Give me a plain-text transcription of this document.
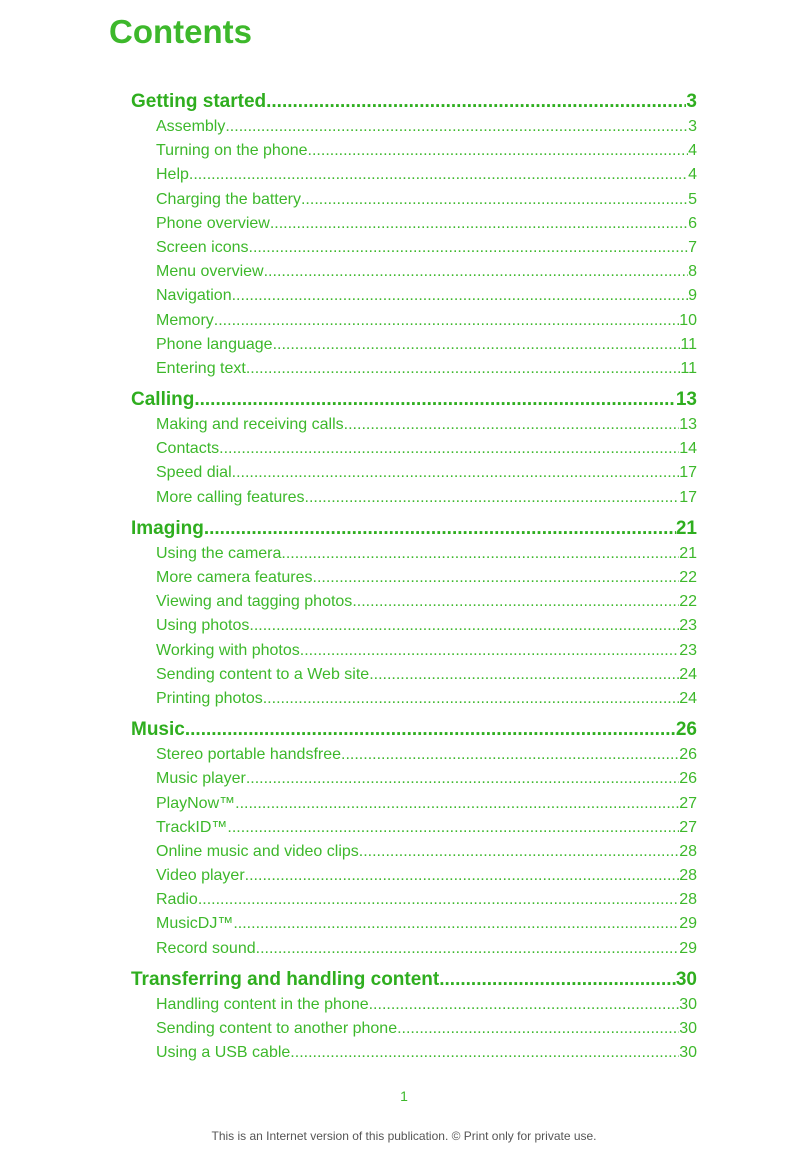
Contents
Getting started .....	3
Assembly .....	3
Turning on the phone .....	4
Help .....	4
Charging the battery .....	5
Phone overview .....	6
Screen icons .....	7
Menu overview .....	8
Navigation .....	9
Memory .....	10
Phone language .....	11
Entering text .....	11
Calling .....	13
Making and receiving calls .....	13
Contacts .....	14
Speed dial .....	17
More calling features .....	17
Imaging .....	21
Using the camera .....	21
More camera features .....	22
Viewing and tagging photos .....	22
Using photos .....	23
Working with photos .....	23
Sending content to a Web site .....	24
Printing photos .....	24
Music .....	26
Stereo portable handsfree .....	26
Music player .....	26
PlayNow™ .....	27
TrackID™ .....	27
Online music and video clips .....	28
Video player .....	28
Radio .....	28
MusicDJ™ .....	29
Record sound .....	29
Transferring and handling content .....	30
Handling content in the phone .....	30
Sending content to another phone .....	30
Using a USB cable .....	30

1

This is an Internet version of this publication. © Print only for private use.
